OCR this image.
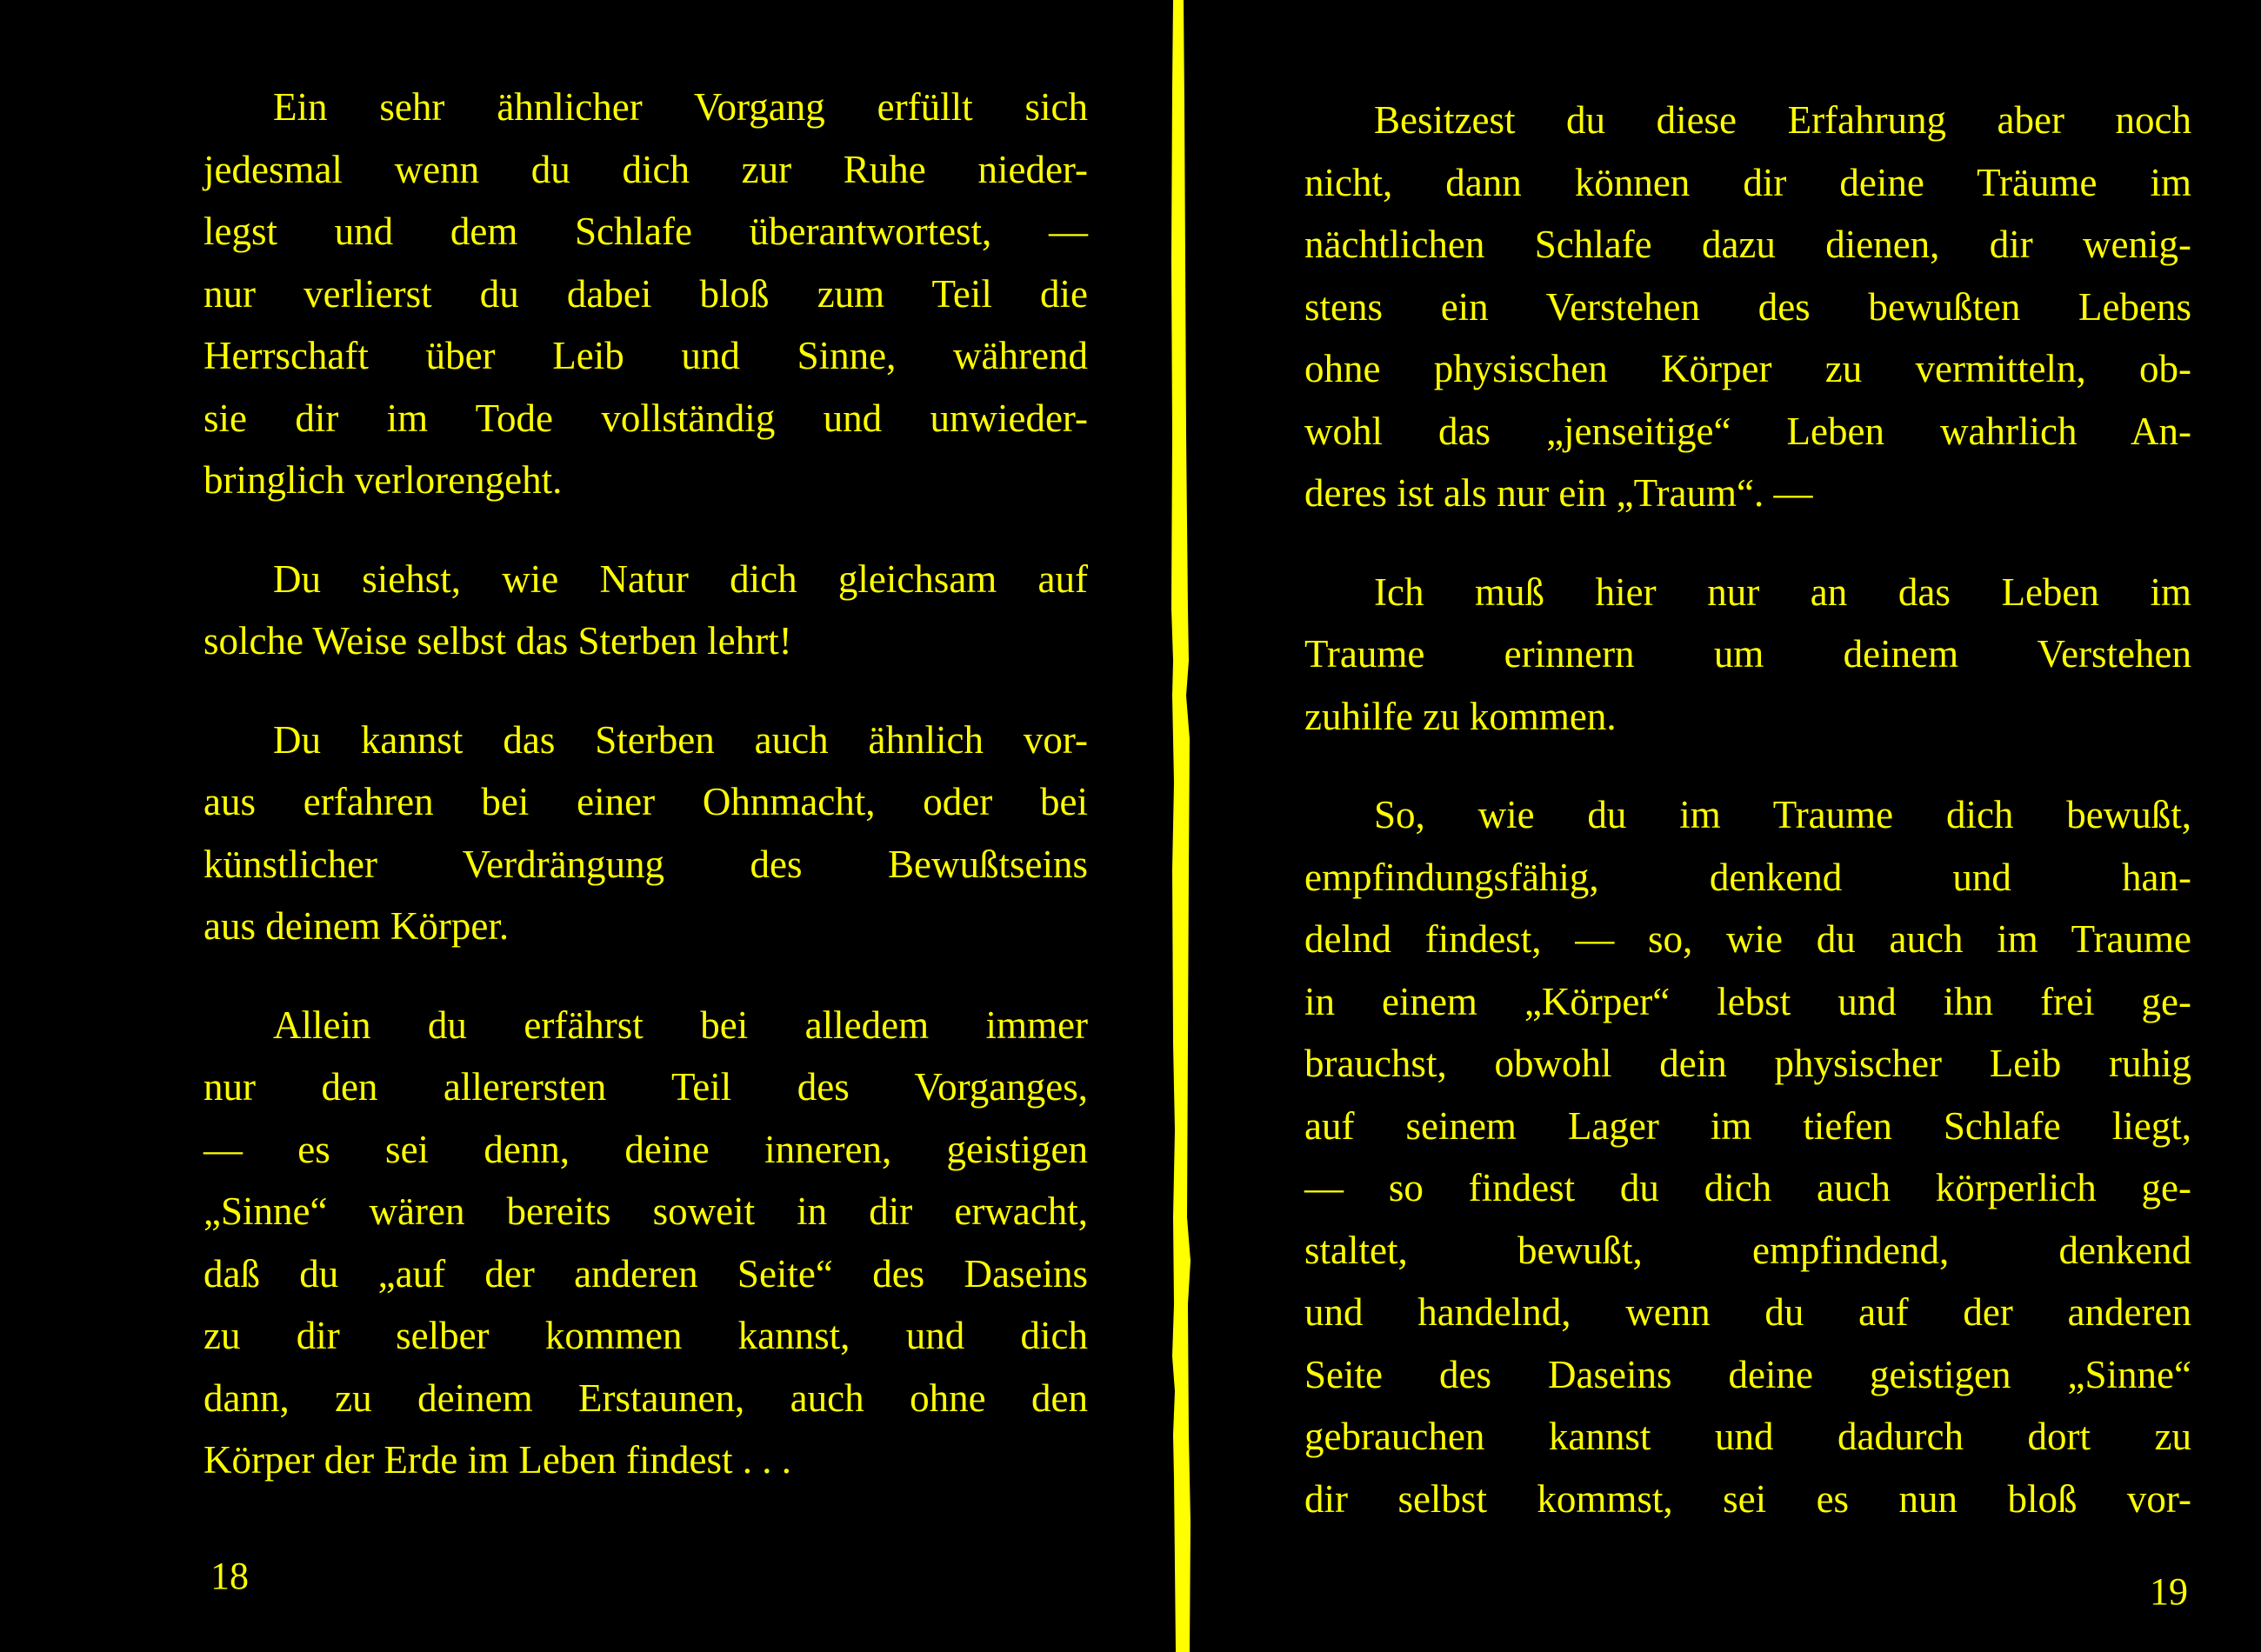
Ein sehr ähnlicher Vorgang erfüllt sich
jedesmal wenn du dich zur Ruhe nieder-
legst und dem Schlafe überantwortest, —
nur verlierst du dabei bloß zum Teil die
Herrschaft über Leib und Sinne, während
sie dir im Tode vollständig und unwieder-
bringlich verlorengeht.
Du siehst, wie Natur dich gleichsam auf
solche Weise selbst das Sterben lehrt!
Du kannst das Sterben auch ähnlich vor-
aus erfahren bei einer Ohnmacht, oder bei
künstlicher Verdrängung des Bewußtseins
aus deinem Körper.
Allein du erfährst bei alledem immer
nur den allerersten Teil des Vorganges,
— es sei denn, deine inneren, geistigen
„Sinne“ wären bereits soweit in dir erwacht,
daß du „auf der anderen Seite“ des Daseins
zu dir selber kommen kannst, und dich
dann, zu deinem Erstaunen, auch ohne den
Körper der Erde im Leben findest . . .
18
Besitzest du diese Erfahrung aber noch
nicht, dann können dir deine Träume im
nächtlichen Schlafe dazu dienen, dir wenig-
stens ein Verstehen des bewußten Lebens
ohne physischen Körper zu vermitteln, ob-
wohl das „jenseitige“ Leben wahrlich An-
deres ist als nur ein „Traum“. —
Ich muß hier nur an das Leben im
Traume erinnern um deinem Verstehen
zuhilfe zu kommen.
So, wie du im Traume dich bewußt,
empfindungsfähig, denkend und han-
delnd findest, — so, wie du auch im Traume
in einem „Körper“ lebst und ihn frei ge-
brauchst, obwohl dein physischer Leib ruhig
auf seinem Lager im tiefen Schlafe liegt,
— so findest du dich auch körperlich ge-
staltet, bewußt, empfindend, denkend
und handelnd, wenn du auf der anderen
Seite des Daseins deine geistigen „Sinne“
gebrauchen kannst und dadurch dort zu
dir selbst kommst, sei es nun bloß vor-
19
